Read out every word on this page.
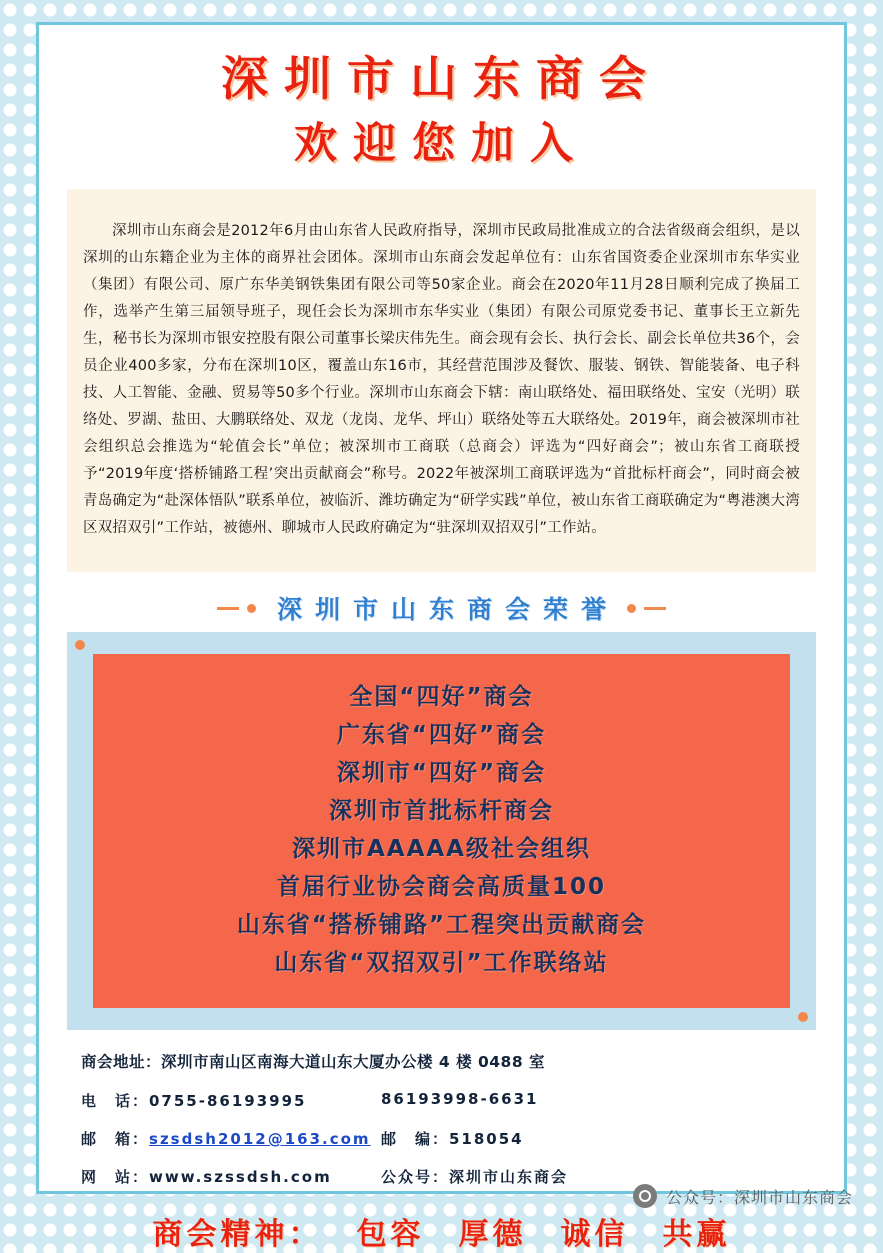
深圳市山东商会
欢迎您加入

深圳市山东商会是2012年6月由山东省人民政府指导，深圳市民政局批准成立的合法省级商会组织，是以深圳的山东籍企业为主体的商界社会团体。深圳市山东商会发起单位有：山东省国资委企业深圳市东华实业（集团）有限公司、原广东华美钢铁集团有限公司等50家企业。商会在2020年11月28日顺利完成了换届工作，选举产生第三届领导班子，现任会长为深圳市东华实业（集团）有限公司原党委书记、董事长王立新先生，秘书长为深圳市银安控股有限公司董事长梁庆伟先生。商会现有会长、执行会长、副会长单位共36个，会员企业400多家，分布在深圳10区，覆盖山东16市，其经营范围涉及餐饮、服装、钢铁、智能装备、电子科技、人工智能、金融、贸易等50多个行业。深圳市山东商会下辖：南山联络处、福田联络处、宝安（光明）联络处、罗湖、盐田、大鹏联络处、双龙（龙岗、龙华、坪山）联络处等五大联络处。2019年，商会被深圳市社会组织总会推选为“轮值会长”单位；被深圳市工商联（总商会）评选为“四好商会”；被山东省工商联授予“2019年度‘搭桥铺路工程’突出贡献商会”称号。2022年被深圳工商联评选为“首批标杆商会”，同时商会被青岛确定为“赴深体悟队”联系单位，被临沂、潍坊确定为“研学实践”单位，被山东省工商联确定为“粤港澳大湾区双招双引”工作站，被德州、聊城市人民政府确定为“驻深圳双招双引”工作站。

深圳市山东商会荣誉
全国“四好”商会
广东省“四好”商会
深圳市“四好”商会
深圳市首批标杆商会
深圳市AAAAA级社会组织
首届行业协会商会高质量100
山东省“搭桥铺路”工程突出贡献商会
山东省“双招双引”工作联络站
商会地址：深圳市南山区南海大道山东大厦办公楼 4 楼 0488 室
电　话：0755-86193995	86193998-6631
邮　箱：szsdsh2012@163.com 邮　编：518054
网　站：www.szssdsh.com	公众号：深圳市山东商会
商会精神： 包容 厚德 诚信 共赢
公众号：深圳市山东商会
